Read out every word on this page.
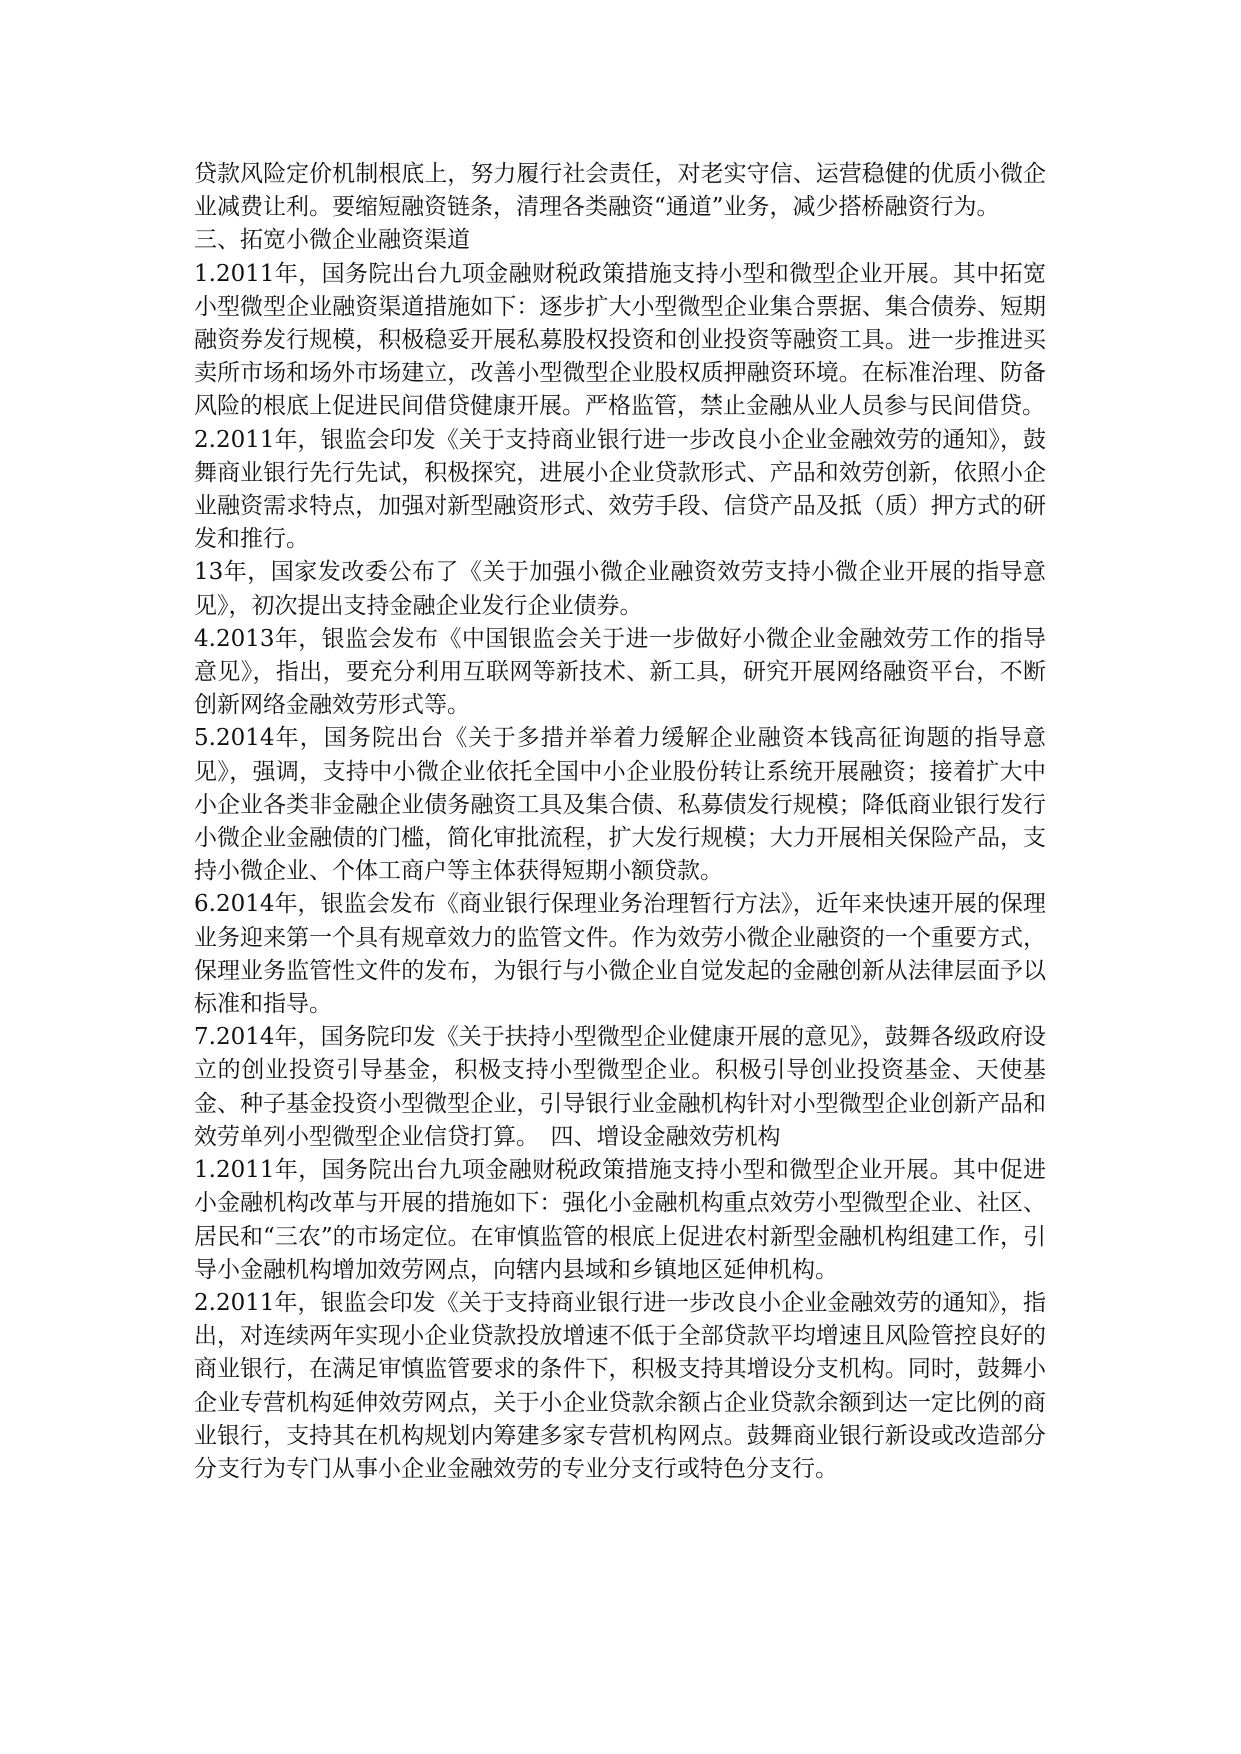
贷款风险定价机制根底上，努力履行社会责任，对老实守信、运营稳健的优质小微企业减费让利。要缩短融资链条，清理各类融资“通道”业务，减少搭桥融资行为。

三、拓宽小微企业融资渠道

1.2011年，国务院出台九项金融财税政策措施支持小型和微型企业开展。其中拓宽小型微型企业融资渠道措施如下：逐步扩大小型微型企业集合票据、集合债券、短期融资券发行规模，积极稳妥开展私募股权投资和创业投资等融资工具。进一步推进买卖所市场和场外市场建立，改善小型微型企业股权质押融资环境。在标准治理、防备风险的根底上促进民间借贷健康开展。严格监管，禁止金融从业人员参与民间借贷。

2.2011年，银监会印发《关于支持商业银行进一步改良小企业金融效劳的通知》，鼓舞商业银行先行先试，积极探究，进展小企业贷款形式、产品和效劳创新，依照小企业融资需求特点，加强对新型融资形式、效劳手段、信贷产品及抵（质）押方式的研发和推行。

13年，国家发改委公布了《关于加强小微企业融资效劳支持小微企业开展的指导意见》，初次提出支持金融企业发行企业债券。

4.2013年，银监会发布《中国银监会关于进一步做好小微企业金融效劳工作的指导意见》，指出，要充分利用互联网等新技术、新工具，研究开展网络融资平台，不断创新网络金融效劳形式等。

5.2014年，国务院出台《关于多措并举着力缓解企业融资本钱高征询题的指导意见》，强调，支持中小微企业依托全国中小企业股份转让系统开展融资；接着扩大中小企业各类非金融企业债务融资工具及集合债、私募债发行规模；降低商业银行发行小微企业金融债的门槛，简化审批流程，扩大发行规模；大力开展相关保险产品，支持小微企业、个体工商户等主体获得短期小额贷款。

6.2014年，银监会发布《商业银行保理业务治理暂行方法》，近年来快速开展的保理业务迎来第一个具有规章效力的监管文件。作为效劳小微企业融资的一个重要方式，保理业务监管性文件的发布，为银行与小微企业自觉发起的金融创新从法律层面予以标准和指导。

7.2014年，国务院印发《关于扶持小型微型企业健康开展的意见》，鼓舞各级政府设立的创业投资引导基金，积极支持小型微型企业。积极引导创业投资基金、天使基金、种子基金投资小型微型企业，引导银行业金融机构针对小型微型企业创新产品和效劳单列小型微型企业信贷打算。　四、增设金融效劳机构

1.2011年，国务院出台九项金融财税政策措施支持小型和微型企业开展。其中促进小金融机构改革与开展的措施如下：强化小金融机构重点效劳小型微型企业、社区、居民和“三农”的市场定位。在审慎监管的根底上促进农村新型金融机构组建工作，引导小金融机构增加效劳网点，向辖内县域和乡镇地区延伸机构。

2.2011年，银监会印发《关于支持商业银行进一步改良小企业金融效劳的通知》，指出，对连续两年实现小企业贷款投放增速不低于全部贷款平均增速且风险管控良好的商业银行，在满足审慎监管要求的条件下，积极支持其增设分支机构。同时，鼓舞小企业专营机构延伸效劳网点，关于小企业贷款余额占企业贷款余额到达一定比例的商业银行，支持其在机构规划内筹建多家专营机构网点。鼓舞商业银行新设或改造部分分支行为专门从事小企业金融效劳的专业分支行或特色分支行。
